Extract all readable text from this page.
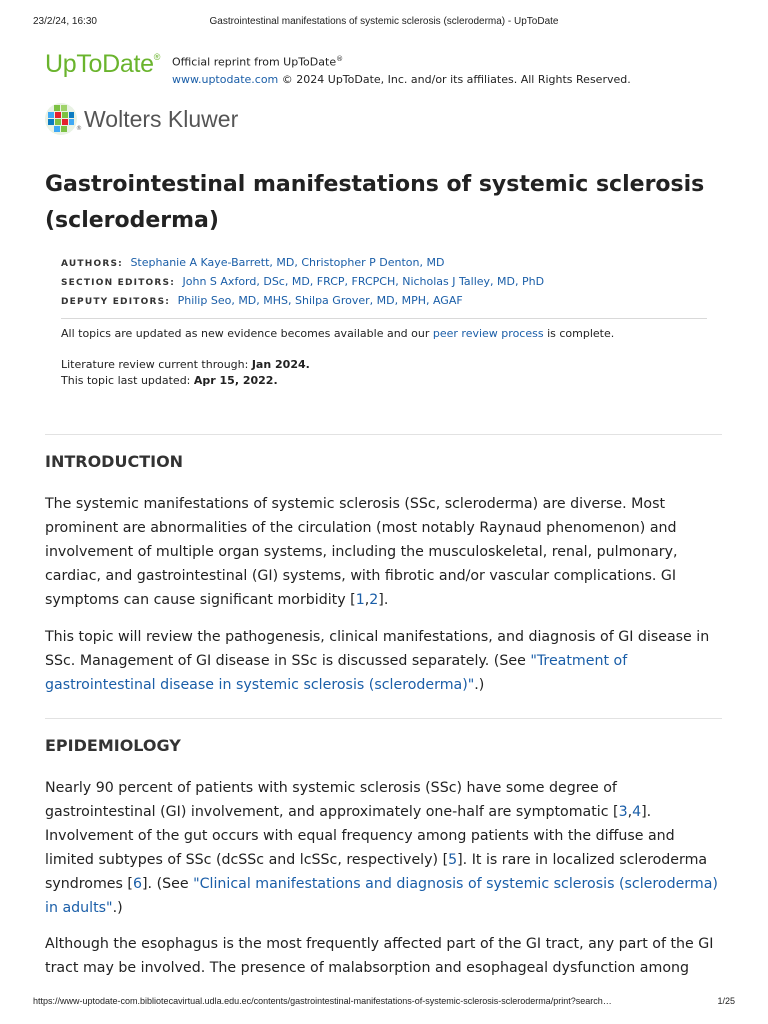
23/2/24, 16:30	Gastrointestinal manifestations of systemic sclerosis (scleroderma) - UpToDate
UpToDate® Official reprint from UpToDate®
www.uptodate.com © 2024 UpToDate, Inc. and/or its affiliates. All Rights Reserved.
® Wolters Kluwer
Gastrointestinal manifestations of systemic sclerosis (scleroderma)
AUTHORS: Stephanie A Kaye-Barrett, MD, Christopher P Denton, MD
SECTION EDITORS: John S Axford, DSc, MD, FRCP, FRCPCH, Nicholas J Talley, MD, PhD
DEPUTY EDITORS: Philip Seo, MD, MHS, Shilpa Grover, MD, MPH, AGAF

All topics are updated as new evidence becomes available and our peer review process is complete.

Literature review current through: Jan 2024.
This topic last updated: Apr 15, 2022.
INTRODUCTION

The systemic manifestations of systemic sclerosis (SSc, scleroderma) are diverse. Most prominent are abnormalities of the circulation (most notably Raynaud phenomenon) and involvement of multiple organ systems, including the musculoskeletal, renal, pulmonary, cardiac, and gastrointestinal (GI) systems, with fibrotic and/or vascular complications. GI symptoms can cause significant morbidity [1,2].

This topic will review the pathogenesis, clinical manifestations, and diagnosis of GI disease in SSc. Management of GI disease in SSc is discussed separately. (See "Treatment of gastrointestinal disease in systemic sclerosis (scleroderma)".)

EPIDEMIOLOGY

Nearly 90 percent of patients with systemic sclerosis (SSc) have some degree of gastrointestinal (GI) involvement, and approximately one-half are symptomatic [3,4]. Involvement of the gut occurs with equal frequency among patients with the diffuse and limited subtypes of SSc (dcSSc and lcSSc, respectively) [5]. It is rare in localized scleroderma syndromes [6]. (See "Clinical manifestations and diagnosis of systemic sclerosis (scleroderma) in adults".)

Although the esophagus is the most frequently affected part of the GI tract, any part of the GI tract may be involved. The presence of malabsorption and esophageal dysfunction among

https://www-uptodate-com.bibliotecavirtual.udla.edu.ec/contents/gastrointestinal-manifestations-of-systemic-sclerosis-scleroderma/print?search…	1/25
